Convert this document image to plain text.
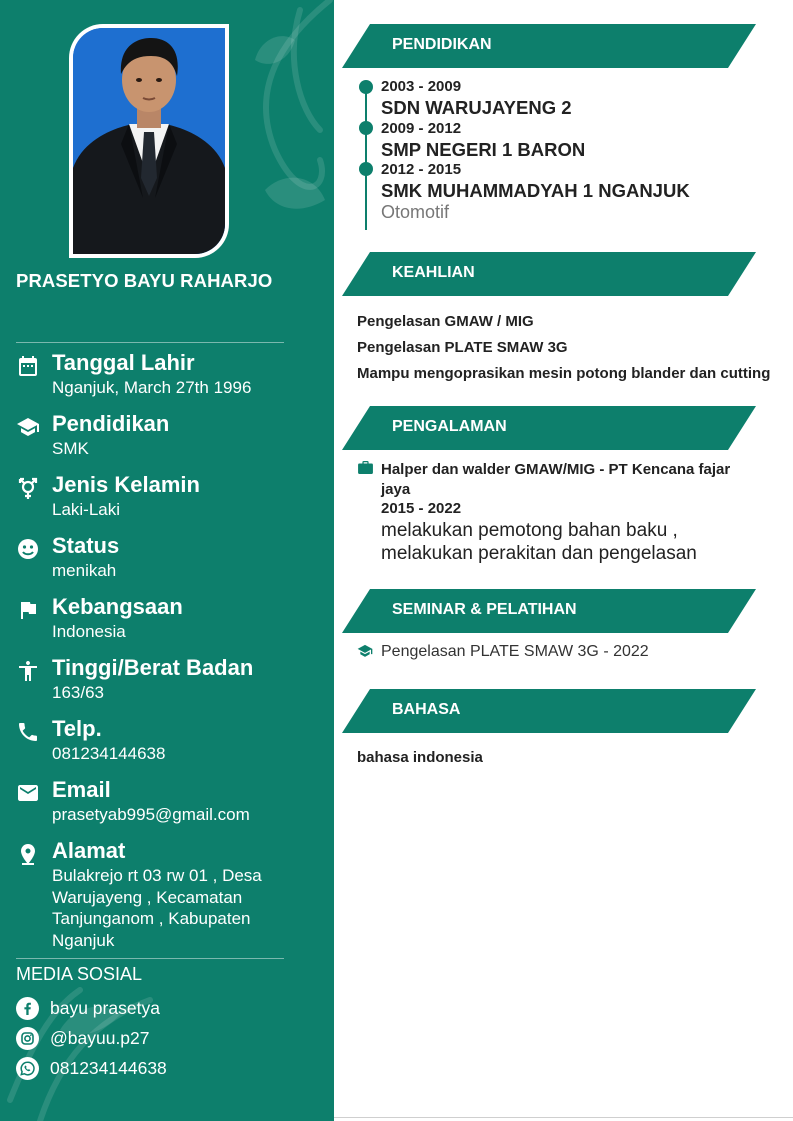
PRASETYO BAYU RAHARJO
Tanggal Lahir
Nganjuk, March 27th 1996
Pendidikan
SMK
Jenis Kelamin
Laki-Laki
Status
menikah
Kebangsaan
Indonesia
Tinggi/Berat Badan
163/63
Telp.
081234144638
Email
prasetyab995@gmail.com
Alamat
Bulakrejo rt 03 rw 01 , Desa Warujayeng , Kecamatan Tanjunganom , Kabupaten Nganjuk
MEDIA SOSIAL
bayu prasetya
@bayuu.p27
081234144638
PENDIDIKAN
2003 - 2009
SDN WARUJAYENG 2
2009 - 2012
SMP NEGERI 1 BARON
2012 - 2015
SMK MUHAMMADYAH 1 NGANJUK
Otomotif
KEAHLIAN
Pengelasan GMAW / MIG
Pengelasan PLATE SMAW 3G
Mampu mengoprasikan mesin potong blander dan cutting
PENGALAMAN
Halper dan walder GMAW/MIG - PT Kencana fajar jaya
2015 - 2022
melakukan pemotong bahan baku , melakukan perakitan dan pengelasan
SEMINAR & PELATIHAN
Pengelasan PLATE SMAW 3G - 2022
BAHASA
bahasa indonesia
